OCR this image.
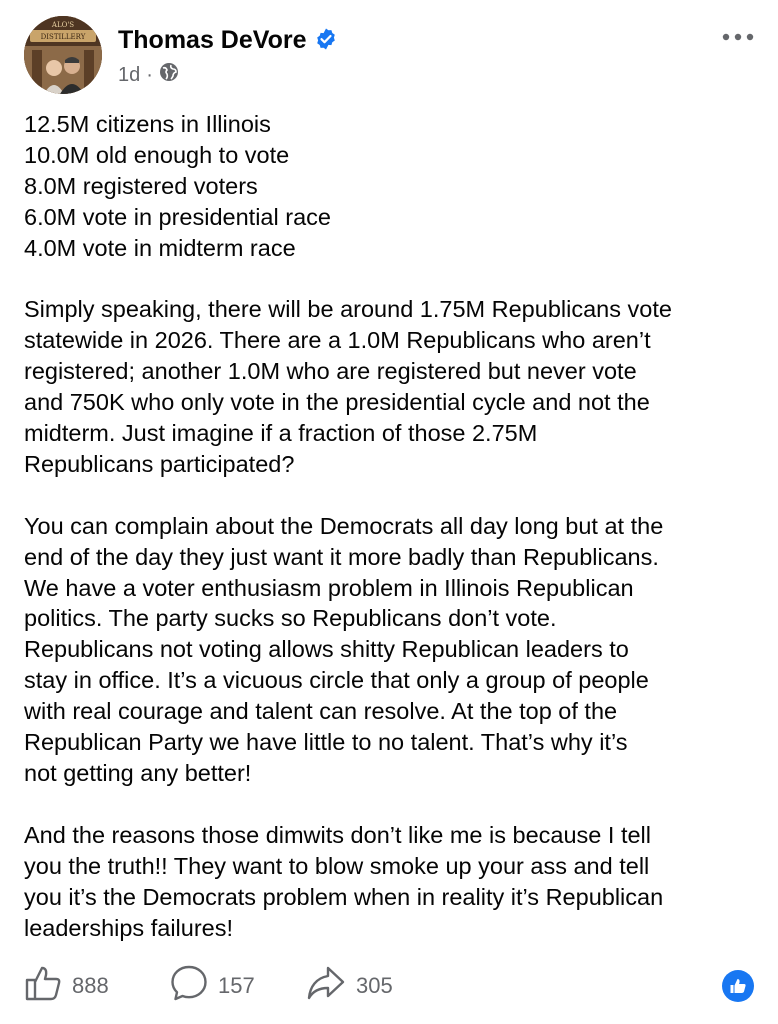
ALO'S
DISTILLERY Thomas DeVore
1d ·
12.5M citizens in Illinois
10.0M old enough to vote
8.0M registered voters
6.0M vote in presidential race
4.0M vote in midterm race
Simply speaking, there will be around 1.75M Republicans vote
statewide in 2026. There are a 1.0M Republicans who aren’t
registered; another 1.0M who are registered but never vote
and 750K who only vote in the presidential cycle and not the
midterm. Just imagine if a fraction of those 2.75M
Republicans participated?
You can complain about the Democrats all day long but at the
end of the day they just want it more badly than Republicans.
We have a voter enthusiasm problem in Illinois Republican
politics. The party sucks so Republicans don’t vote.
Republicans not voting allows shitty Republican leaders to
stay in office. It’s a vicuous circle that only a group of people
with real courage and talent can resolve. At the top of the
Republican Party we have little to no talent. That’s why it’s
not getting any better!
And the reasons those dimwits don’t like me is because I tell
you the truth!! They want to blow smoke up your ass and tell
you it’s the Democrats problem when in reality it’s Republican
leaderships failures!
888	157	305
